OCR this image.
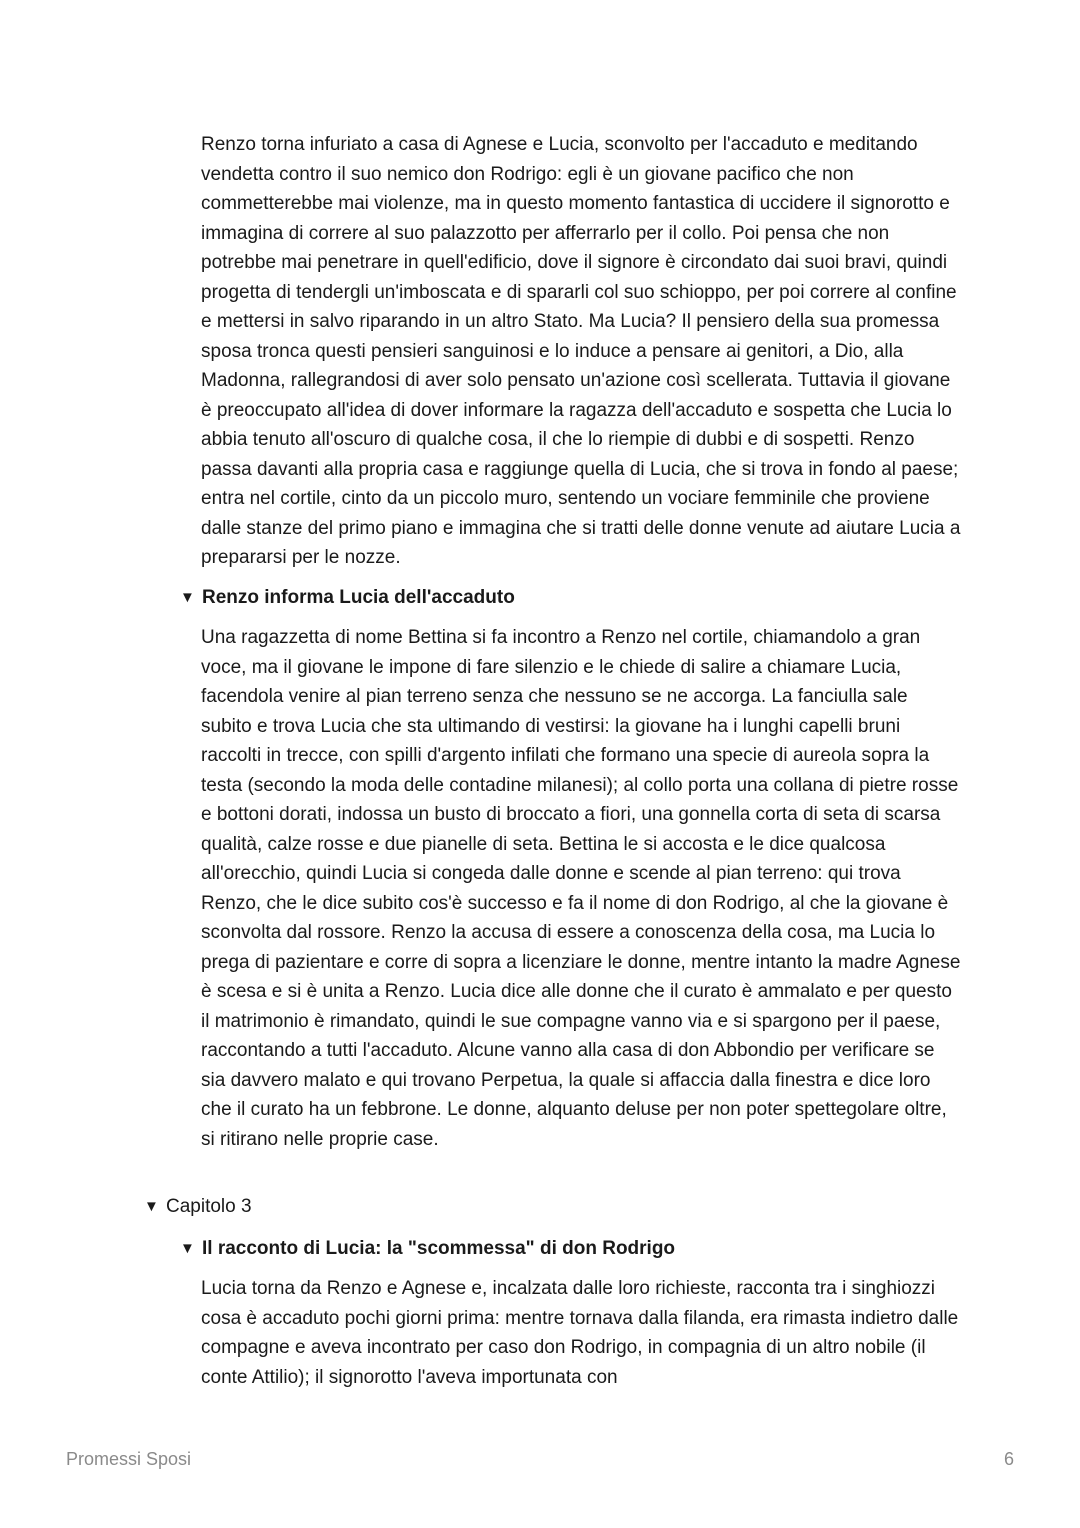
Renzo torna infuriato a casa di Agnese e Lucia, sconvolto per l'accaduto e meditando vendetta contro il suo nemico don Rodrigo: egli è un giovane pacifico che non commetterebbe mai violenze, ma in questo momento fantastica di uccidere il signorotto e immagina di correre al suo palazzotto per afferrarlo per il collo. Poi pensa che non potrebbe mai penetrare in quell'edificio, dove il signore è circondato dai suoi bravi, quindi progetta di tendergli un'imboscata e di spararli col suo schioppo, per poi correre al confine e mettersi in salvo riparando in un altro Stato. Ma Lucia? Il pensiero della sua promessa sposa tronca questi pensieri sanguinosi e lo induce a pensare ai genitori, a Dio, alla Madonna, rallegrandosi di aver solo pensato un'azione così scellerata. Tuttavia il giovane è preoccupato all'idea di dover informare la ragazza dell'accaduto e sospetta che Lucia lo abbia tenuto all'oscuro di qualche cosa, il che lo riempie di dubbi e di sospetti. Renzo passa davanti alla propria casa e raggiunge quella di Lucia, che si trova in fondo al paese; entra nel cortile, cinto da un piccolo muro, sentendo un vociare femminile che proviene dalle stanze del primo piano e immagina che si tratti delle donne venute ad aiutare Lucia a prepararsi per le nozze.

▼ Renzo informa Lucia dell'accaduto

Una ragazzetta di nome Bettina si fa incontro a Renzo nel cortile, chiamandolo a gran voce, ma il giovane le impone di fare silenzio e le chiede di salire a chiamare Lucia, facendola venire al pian terreno senza che nessuno se ne accorga. La fanciulla sale subito e trova Lucia che sta ultimando di vestirsi: la giovane ha i lunghi capelli bruni raccolti in trecce, con spilli d'argento infilati che formano una specie di aureola sopra la testa (secondo la moda delle contadine milanesi); al collo porta una collana di pietre rosse e bottoni dorati, indossa un busto di broccato a fiori, una gonnella corta di seta di scarsa qualità, calze rosse e due pianelle di seta. Bettina le si accosta e le dice qualcosa all'orecchio, quindi Lucia si congeda dalle donne e scende al pian terreno: qui trova Renzo, che le dice subito cos'è successo e fa il nome di don Rodrigo, al che la giovane è sconvolta dal rossore. Renzo la accusa di essere a conoscenza della cosa, ma Lucia lo prega di pazientare e corre di sopra a licenziare le donne, mentre intanto la madre Agnese è scesa e si è unita a Renzo. Lucia dice alle donne che il curato è ammalato e per questo il matrimonio è rimandato, quindi le sue compagne vanno via e si spargono per il paese, raccontando a tutti l'accaduto. Alcune vanno alla casa di don Abbondio per verificare se sia davvero malato e qui trovano Perpetua, la quale si affaccia dalla finestra e dice loro che il curato ha un febbrone. Le donne, alquanto deluse per non poter spettegolare oltre, si ritirano nelle proprie case.

▼ Capitolo 3
▼ Il racconto di Lucia: la "scommessa" di don Rodrigo

Lucia torna da Renzo e Agnese e, incalzata dalle loro richieste, racconta tra i singhiozzi cosa è accaduto pochi giorni prima: mentre tornava dalla filanda, era rimasta indietro dalle compagne e aveva incontrato per caso don Rodrigo, in compagnia di un altro nobile (il conte Attilio); il signorotto l'aveva importunata con

Promessi Sposi	6
